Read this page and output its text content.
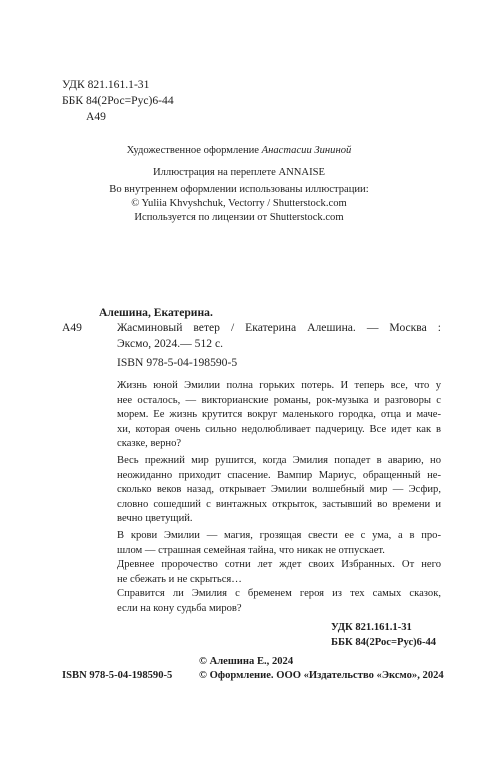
УДК 821.161.1-31
ББК 84(2Рос=Рус)6-44
А49
Художественное оформление Анастасии Зининой
Иллюстрация на переплете ANNAISE
Во внутреннем оформлении использованы иллюстрации:
© Yuliia Khvyshchuk, Vectorry / Shutterstock.com
Используется по лицензии от Shutterstock.com
Алешина, Екатерина.
А49	Жасминовый ветер / Екатерина Алешина. — Москва :
Эксмо, 2024.— 512 с.
ISBN 978-5-04-198590-5
Жизнь юной Эмилии полна горьких потерь. И теперь все, что у
нее осталось, — викторианские романы, рок-музыка и разговоры с
морем. Ее жизнь крутится вокруг маленького городка, отца и маче-
хи, которая очень сильно недолюбливает падчерицу. Все идет как в
сказке, верно?
Весь прежний мир рушится, когда Эмилия попадет в аварию, но
неожиданно приходит спасение. Вампир Мариус, обращенный не-
сколько веков назад, открывает Эмилии волшебный мир — Эсфир,
словно сошедший с винтажных открыток, застывший во времени и
вечно цветущий.
В крови Эмилии — магия, грозящая свести ее с ума, а в про-
шлом — страшная семейная тайна, что никак не отпускает.
Древнее пророчество сотни лет ждет своих Избранных. От него
не сбежать и не скрыться…
Справится ли Эмилия с бременем героя из тех самых сказок,
если на кону судьба миров?
УДК 821.161.1-31
ББК 84(2Рос=Рус)6-44
© Алешина Е., 2024
ISBN 978-5-04-198590-5	© Оформление. ООО «Издательство «Эксмо», 2024
